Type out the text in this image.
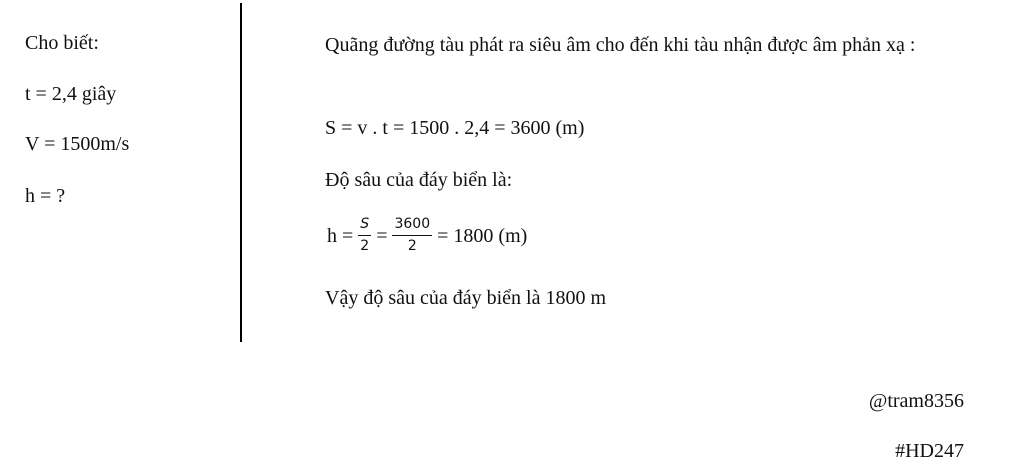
Cho biết:
t = 2,4 giây
V = 1500m/s
h = ?
Quãng đường tàu phát ra siêu âm cho đến khi tàu nhận được âm phản xạ :
S = v . t = 1500 . 2,4 = 3600 (m)
Độ sâu của đáy biển là:
$h = \frac{S}{2} = \frac{3600}{2} = 1800$ (m)
Vậy độ sâu của đáy biển là 1800 m
@tram8356
#HD247
